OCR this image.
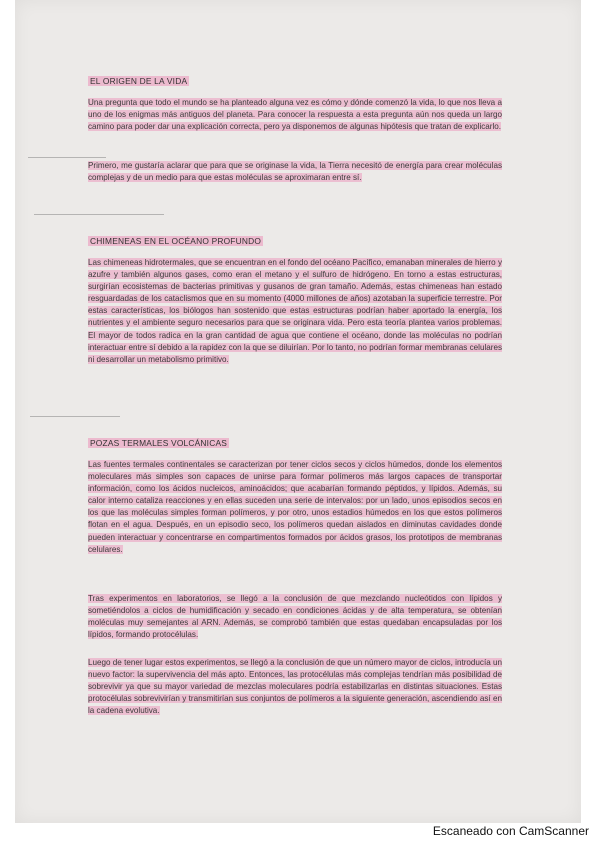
EL ORIGEN DE LA VIDA

Una pregunta que todo el mundo se ha planteado alguna vez es cómo y dónde comenzó la vida, lo que nos lleva a uno de los enigmas más antiguos del planeta. Para conocer la respuesta a esta pregunta aún nos queda un largo camino para poder dar una explicación correcta, pero ya disponemos de algunas hipótesis que tratan de explicarlo.

Primero, me gustaría aclarar que para que se originase la vida, la Tierra necesitó de energía para crear moléculas complejas y de un medio para que estas moléculas se aproximaran entre sí.

CHIMENEAS EN EL OCÉANO PROFUNDO

Las chimeneas hidrotermales, que se encuentran en el fondo del océano Pacífico, emanaban minerales de hierro y azufre y también algunos gases, como eran el metano y el sulfuro de hidrógeno. En torno a estas estructuras, surgirían ecosistemas de bacterias primitivas y gusanos de gran tamaño. Además, estas chimeneas han estado resguardadas de los cataclismos que en su momento (4000 millones de años) azotaban la superficie terrestre. Por estas características, los biólogos han sostenido que estas estructuras podrían haber aportado la energía, los nutrientes y el ambiente seguro necesarios para que se originara vida. Pero esta teoría plantea varios problemas. El mayor de todos radica en la gran cantidad de agua que contiene el océano, donde las moléculas no podrían interactuar entre sí debido a la rapidez con la que se diluirían. Por lo tanto, no podrían formar membranas celulares ni desarrollar un metabolismo primitivo.

POZAS TERMALES VOLCÁNICAS

Las fuentes termales continentales se caracterizan por tener ciclos secos y ciclos húmedos, donde los elementos moleculares más simples son capaces de unirse para formar polímeros más largos capaces de transportar información, como los ácidos nucleicos, aminoácidos; que acabarían formando péptidos, y lípidos. Además, su calor interno cataliza reacciones y en ellas suceden una serie de intervalos: por un lado, unos episodios secos en los que las moléculas simples forman polímeros, y por otro, unos estadios húmedos en los que estos polímeros flotan en el agua. Después, en un episodio seco, los polímeros quedan aislados en diminutas cavidades donde pueden interactuar y concentrarse en compartimentos formados por ácidos grasos, los prototipos de membranas celulares.

Tras experimentos en laboratorios, se llegó a la conclusión de que mezclando nucleótidos con lípidos y sometiéndolos a ciclos de humidificación y secado en condiciones ácidas y de alta temperatura, se obtenían moléculas muy semejantes al ARN. Además, se comprobó también que estas quedaban encapsuladas por los lípidos, formando protocélulas.

Luego de tener lugar estos experimentos, se llegó a la conclusión de que un número mayor de ciclos, introducía un nuevo factor: la supervivencia del más apto. Entonces, las protocélulas más complejas tendrían más posibilidad de sobrevivir ya que su mayor variedad de mezclas moleculares podría estabilizarlas en distintas situaciones. Estas protocélulas sobrevivirían y transmitirían sus conjuntos de polímeros a la siguiente generación, ascendiendo así en la cadena evolutiva.

Escaneado con CamScanner
